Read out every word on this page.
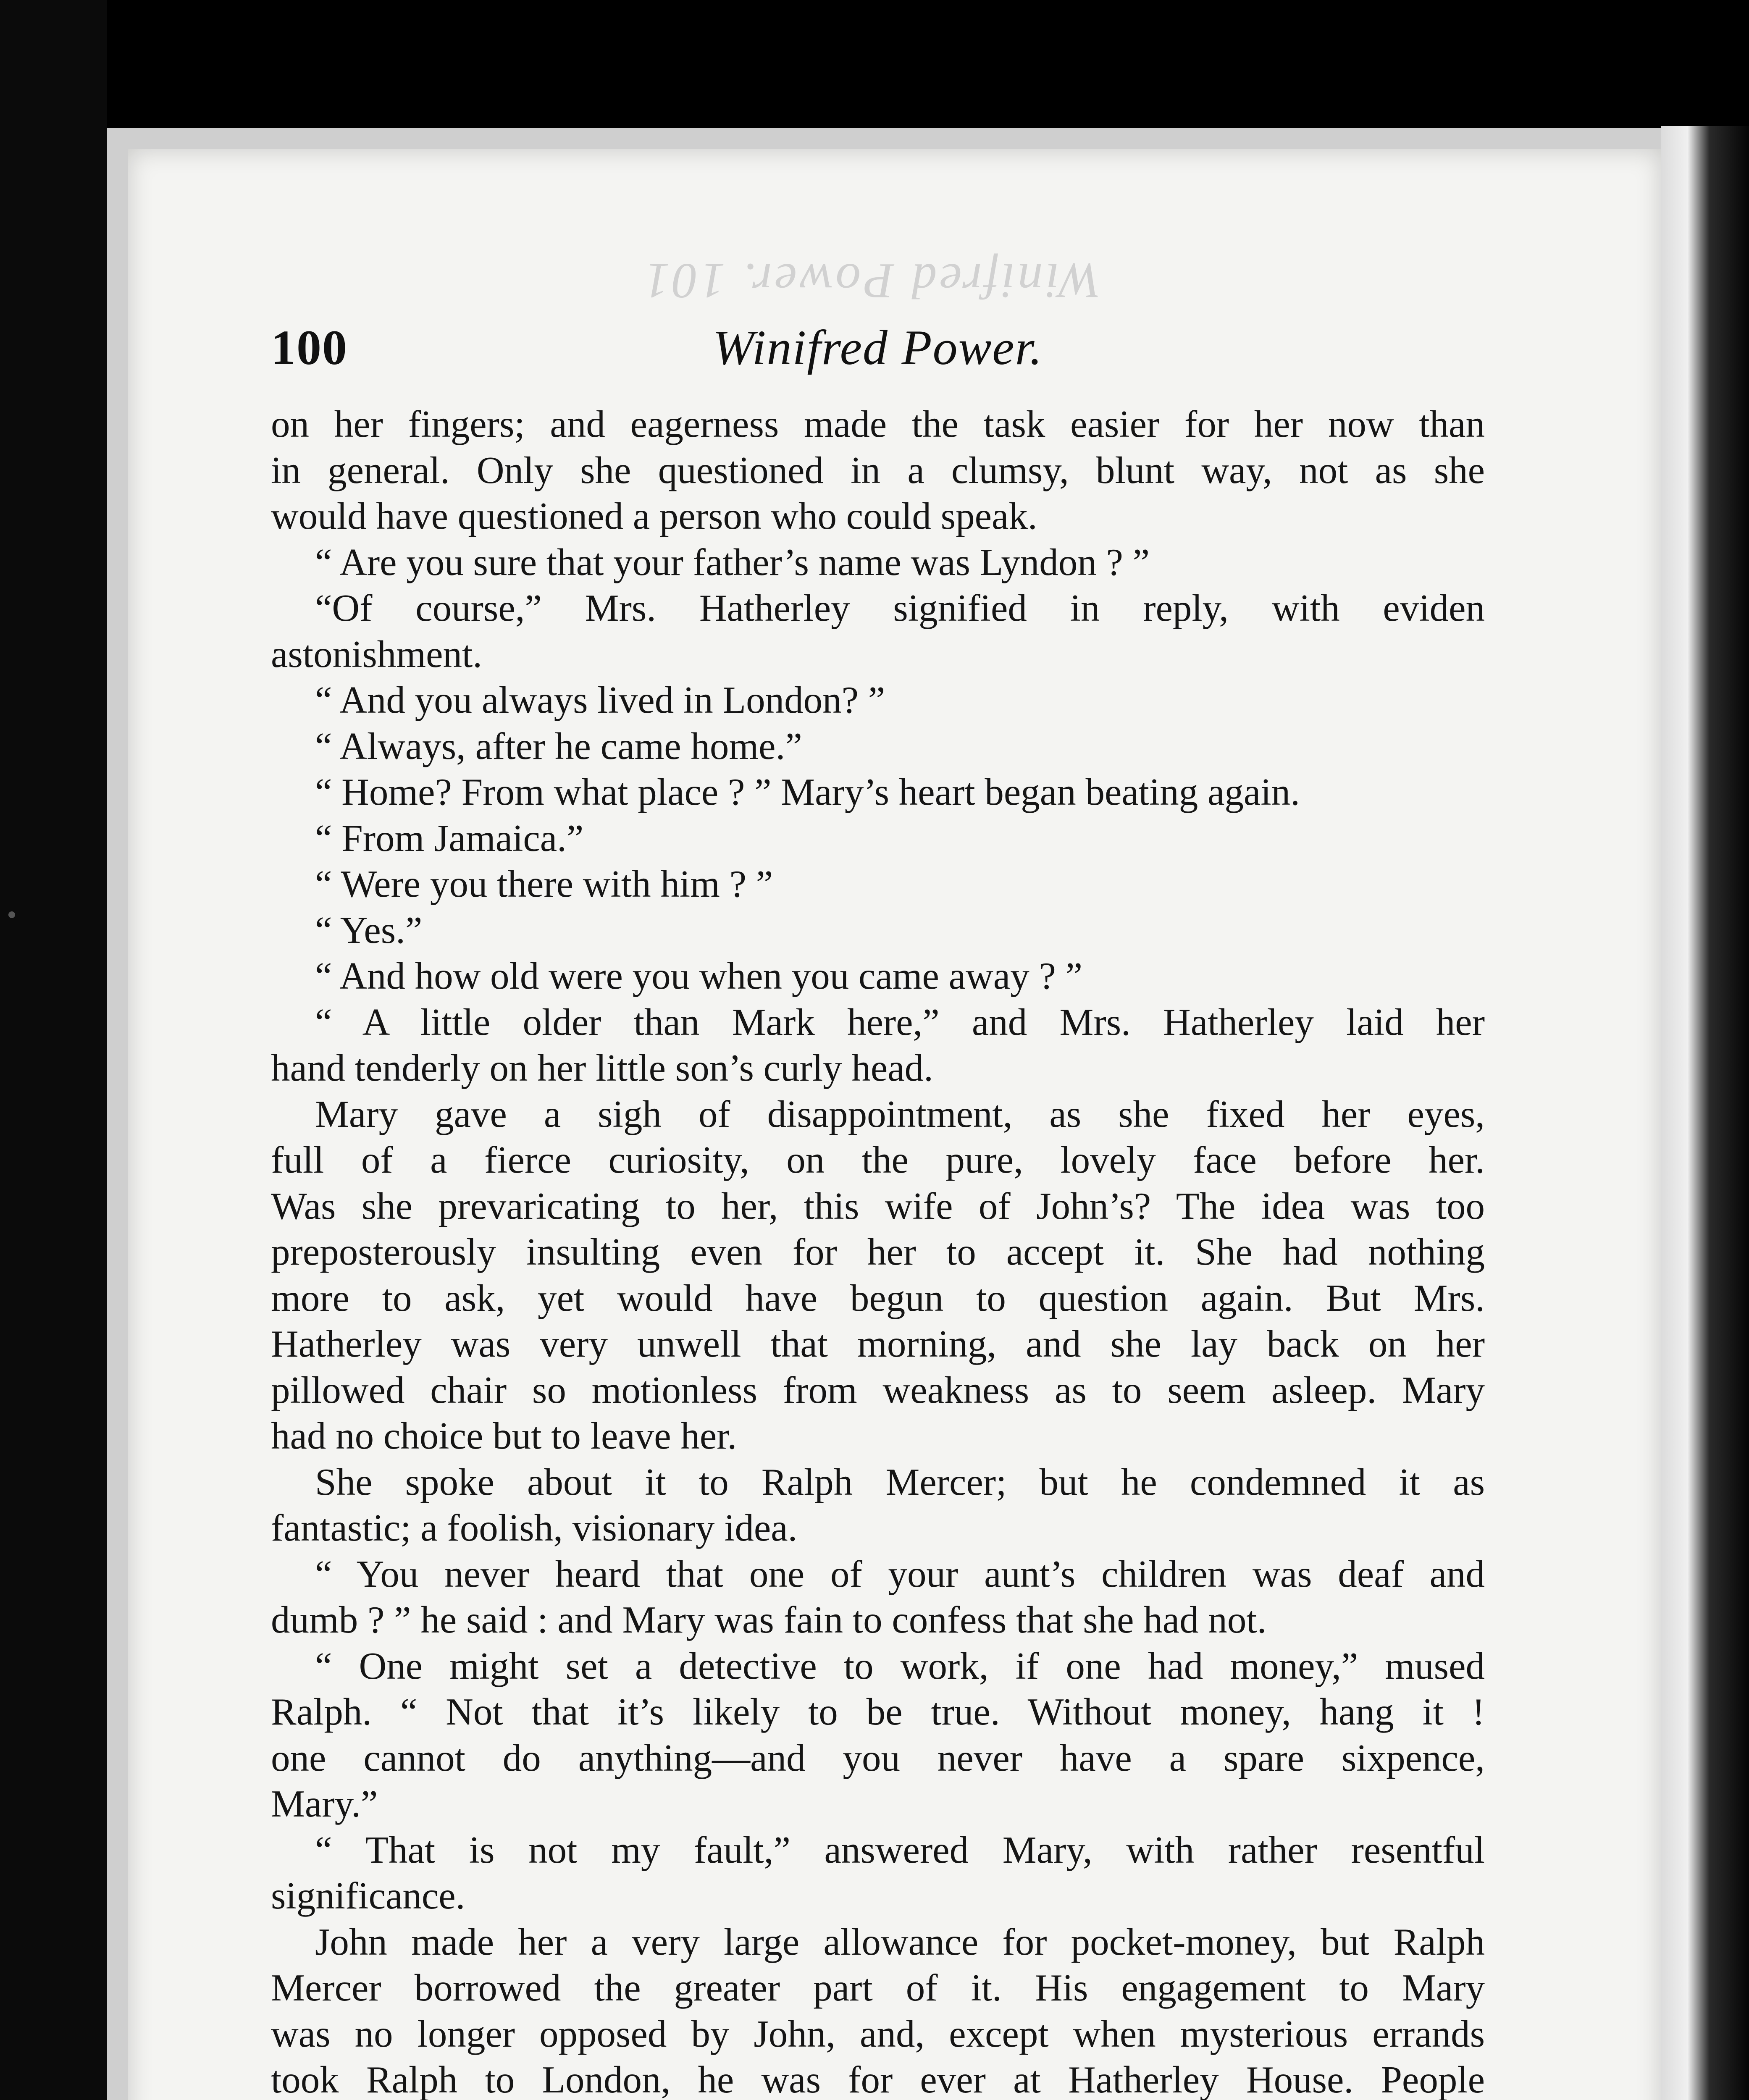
Winifred Power. 101
100	Winifred Power.
on her fingers; and eagerness made the task easier for her now than
in general. Only she questioned in a clumsy, blunt way, not as she
would have questioned a person who could speak.
“ Are you sure that your father’s name was Lyndon ? ”
“Of course,” Mrs. Hatherley signified in reply, with eviden
astonishment.
“ And you always lived in London? ”
“ Always, after he came home.”
“ Home? From what place ? ” Mary’s heart began beating again.
“ From Jamaica.”
“ Were you there with him ? ”
“ Yes.”
“ And how old were you when you came away ? ”
“ A little older than Mark here,” and Mrs. Hatherley laid her
hand tenderly on her little son’s curly head.
Mary gave a sigh of disappointment, as she fixed her eyes,
full of a fierce curiosity, on the pure, lovely face before her.
Was she prevaricating to her, this wife of John’s? The idea was too
preposterously insulting even for her to accept it. She had nothing
more to ask, yet would have begun to question again. But Mrs.
Hatherley was very unwell that morning, and she lay back on her
pillowed chair so motionless from weakness as to seem asleep. Mary
had no choice but to leave her.
She spoke about it to Ralph Mercer; but he condemned it as
fantastic; a foolish, visionary idea.
“ You never heard that one of your aunt’s children was deaf and
dumb ? ” he said : and Mary was fain to confess that she had not.
“ One might set a detective to work, if one had money,” mused
Ralph. “ Not that it’s likely to be true. Without money, hang it !
one cannot do anything—and you never have a spare sixpence,
Mary.”
“ That is not my fault,” answered Mary, with rather resentful
significance.
John made her a very large allowance for pocket-money, but Ralph
Mercer borrowed the greater part of it. His engagement to Mary
was no longer opposed by John, and, except when mysterious errands
took Ralph to London, he was for ever at Hatherley House. People
